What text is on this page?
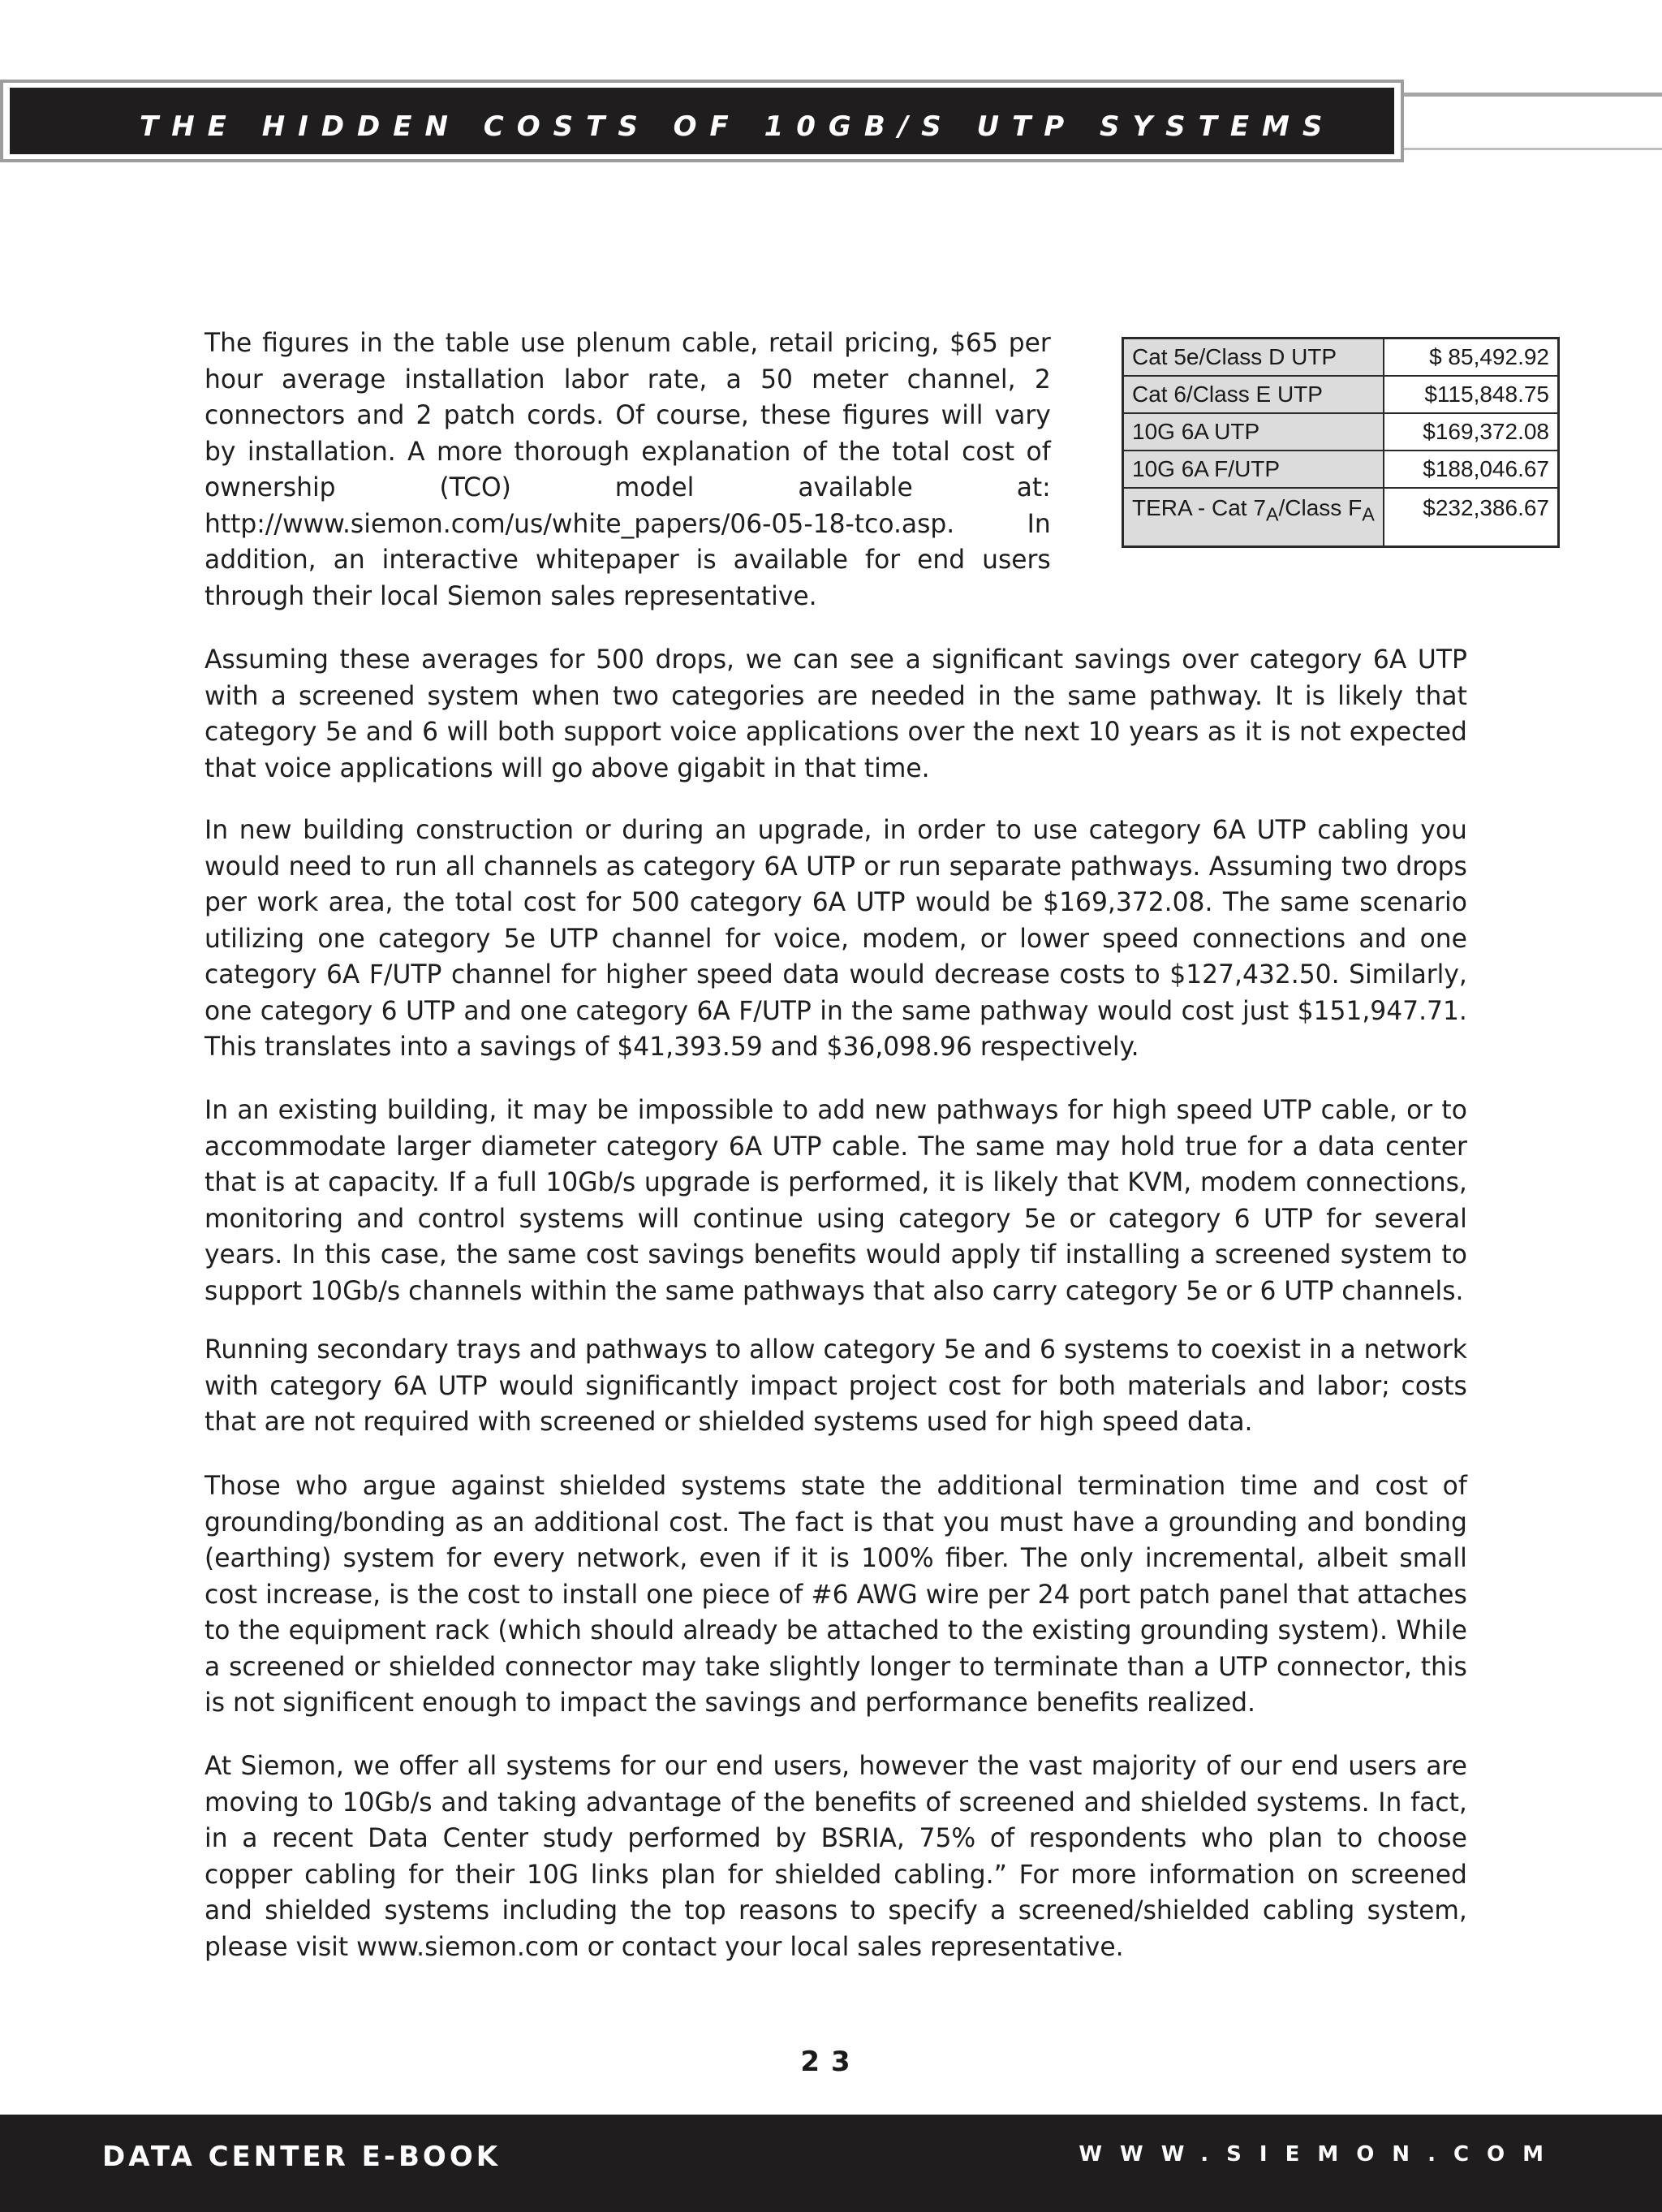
THE HIDDEN COSTS OF 10GB/S UTP SYSTEMS

The figures in the table use plenum cable, retail pricing, $65 per hour average installation labor rate, a 50 meter channel, 2 connectors and 2 patch cords. Of course, these figures will vary by installation. A more thorough explanation of the total cost of ownership (TCO) model available at: http://www.siemon.com/us/white_papers/06-05-18-tco.asp. In addition, an interactive whitepaper is available for end users through their local Siemon sales representative.

Cat 5e/Class D UTP	$ 85,492.92
Cat 6/Class E UTP	$115,848.75
10G 6A UTP	$169,372.08
10G 6A F/UTP	$188,046.67
TERA - Cat $7_A$/Class $F_A$	$232,386.67

Assuming these averages for 500 drops, we can see a significant savings over category 6A UTP with a screened system when two categories are needed in the same pathway. It is likely that category 5e and 6 will both support voice applications over the next 10 years as it is not expected that voice applications will go above gigabit in that time.

In new building construction or during an upgrade, in order to use category 6A UTP cabling you would need to run all channels as category 6A UTP or run separate pathways. Assuming two drops per work area, the total cost for 500 category 6A UTP would be $169,372.08. The same scenario utilizing one category 5e UTP channel for voice, modem, or lower speed connections and one category 6A F/UTP channel for higher speed data would decrease costs to $127,432.50. Similarly, one category 6 UTP and one category 6A F/UTP in the same pathway would cost just $151,947.71. This translates into a savings of $41,393.59 and $36,098.96 respectively.

In an existing building, it may be impossible to add new pathways for high speed UTP cable, or to accommodate larger diameter category 6A UTP cable. The same may hold true for a data center that is at capacity. If a full 10Gb/s upgrade is performed, it is likely that KVM, modem connections, monitoring and control systems will continue using category 5e or category 6 UTP for several years. In this case, the same cost savings benefits would apply tif installing a screened system to support 10Gb/s channels within the same pathways that also carry category 5e or 6 UTP channels.

Running secondary trays and pathways to allow category 5e and 6 systems to coexist in a network with category 6A UTP would significantly impact project cost for both materials and labor; costs that are not required with screened or shielded systems used for high speed data.

Those who argue against shielded systems state the additional termination time and cost of grounding/bonding as an additional cost. The fact is that you must have a grounding and bonding (earthing) system for every network, even if it is 100% fiber. The only incremental, albeit small cost increase, is the cost to install one piece of #6 AWG wire per 24 port patch panel that attaches to the equipment rack (which should already be attached to the existing grounding system). While a screened or shielded connector may take slightly longer to terminate than a UTP connector, this is not significent enough to impact the savings and performance benefits realized.

At Siemon, we offer all systems for our end users, however the vast majority of our end users are moving to 10Gb/s and taking advantage of the benefits of screened and shielded systems. In fact, in a recent Data Center study performed by BSRIA, 75% of respondents who plan to choose copper cabling for their 10G links plan for shielded cabling.” For more information on screened and shielded systems including the top reasons to specify a screened/shielded cabling system, please visit www.siemon.com or contact your local sales representative.

23

DATA CENTER E-BOOK	WWW.SIEMON.COM
